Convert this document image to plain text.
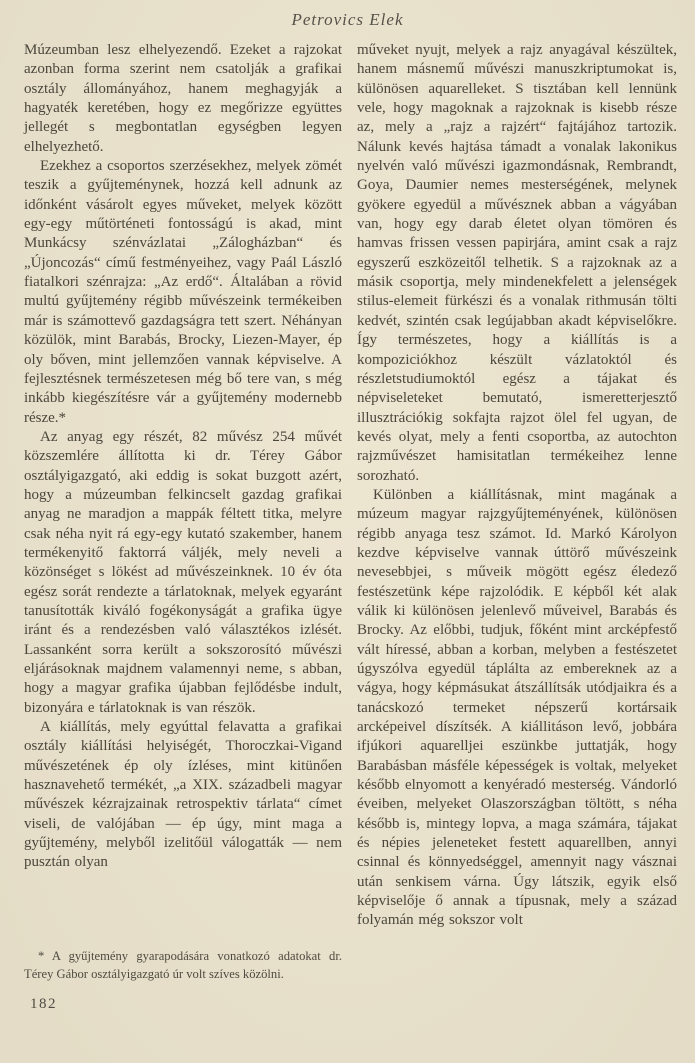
Petrovics Elek

Múzeumban lesz elhelyezendő. Ezeket a rajzokat azonban forma szerint nem csatolják a grafikai osztály állományához, hanem meghagyják a hagyaték keretében, hogy ez megőrizze együttes jellegét s megbontatlan egységben legyen elhelyezhető.

Ezekhez a csoportos szerzésekhez, melyek zömét teszik a gyűjteménynek, hozzá kell adnunk az időnként vásárolt egyes műveket, melyek között egy-egy műtörténeti fontosságú is akad, mint Munkácsy szénvázlatai „Zálogházban“ és „Újoncozás“ című festményeihez, vagy Paál László fiatalkori szénrajza: „Az erdő“. Általában a rövid multú gyűjtemény régibb művészeink termékeiben már is számottevő gazdagságra tett szert. Néhányan közülök, mint Barabás, Brocky, Liezen-Mayer, ép oly bőven, mint jellemzően vannak képviselve. A fejlesztésnek természetesen még bő tere van, s még inkább kiegészítésre vár a gyűjtemény modernebb része.*

Az anyag egy részét, 82 művész 254 művét közszemlére állította ki dr. Térey Gábor osztályigazgató, aki eddig is sokat buzgott azért, hogy a múzeumban felkincselt gazdag grafikai anyag ne maradjon a mappák féltett titka, melyre csak néha nyit rá egy-egy kutató szakember, hanem termékenyitő faktorrá váljék, mely neveli a közönséget s lökést ad művészeinknek. 10 év óta egész sorát rendezte a tárlatoknak, melyek egyaránt tanusították kiváló fogékonyságát a grafika ügye iránt és a rendezésben való választékos izlését. Lassanként sorra került a sokszorosító művészi eljárásoknak majdnem valamennyi neme, s abban, hogy a magyar grafika újabban fejlődésbe indult, bizonyára e tárlatoknak is van részök.

A kiállítás, mely egyúttal felavatta a grafikai osztály kiállítási helyiségét, Thoroczkai-Vigand művészetének ép oly ízléses, mint kitünően hasznavehető termékét, „a XIX. századbeli magyar művészek kézrajzainak retrospektiv tárlata“ címet viseli, de valójában — ép úgy, mint maga a gyűjtemény, melyből izelitőül válogatták — nem pusztán olyan

műveket nyujt, melyek a rajz anyagával készültek, hanem másnemű művészi manuszkriptumokat is, különösen aquarelleket. S tisztában kell lennünk vele, hogy magoknak a rajzoknak is kisebb része az, mely a „rajz a rajzért“ fajtájához tartozik. Nálunk kevés hajtása támadt a vonalak lakonikus nyelvén való művészi igazmondásnak, Rembrandt, Goya, Daumier nemes mesterségének, melynek gyökere egyedül a művésznek abban a vágyában van, hogy egy darab életet olyan tömören és hamvas frissen vessen papirjára, amint csak a rajz egyszerű eszközeitől telhetik. S a rajzoknak az a másik csoportja, mely mindenekfelett a jelenségek stilus-elemeit fürkészi és a vonalak rithmusán tölti kedvét, szintén csak legújabban akadt képviselőkre. Így természetes, hogy a kiállítás is a kompoziciókhoz készült vázlatoktól és részletstudiumoktól egész a tájakat és népviseleteket bemutató, ismeretterjesztő illusztrációkig sokfajta rajzot ölel fel ugyan, de kevés olyat, mely a fenti csoportba, az autochton rajzművészet hamisitatlan termékeihez lenne sorozható.

Különben a kiállításnak, mint magának a múzeum magyar rajzgyűjteményének, különösen régibb anyaga tesz számot. Id. Markó Károlyon kezdve képviselve vannak úttörő művészeink nevesebbjei, s műveik mögött egész éledező festészetünk képe rajzolódik. E képből két alak válik ki különösen jelenlevő műveivel, Barabás és Brocky. Az előbbi, tudjuk, főként mint arcképfestő vált híressé, abban a korban, melyben a festészetet úgyszólva egyedül táplálta az embereknek az a vágya, hogy képmásukat átszállítsák utódjaikra és a tanácskozó termeket népszerű kortársaik arcképeivel díszítsék. A kiállitáson levő, jobbára ifjúkori aquarelljei eszünkbe juttatják, hogy Barabásban másféle képességek is voltak, melyeket később elnyomott a kenyéradó mesterség. Vándorló éveiben, melyeket Olaszországban töltött, s néha később is, mintegy lopva, a maga számára, tájakat és népies jeleneteket festett aquarellben, annyi csinnal és könnyedséggel, amennyit nagy vásznai után senkisem várna. Úgy látszik, egyik első képviselője ő annak a típusnak, mely a század folyamán még sokszor volt

* A gyűjtemény gyarapodására vonatkozó adatokat dr. Térey Gábor osztályigazgató úr volt szíves közölni.
182
